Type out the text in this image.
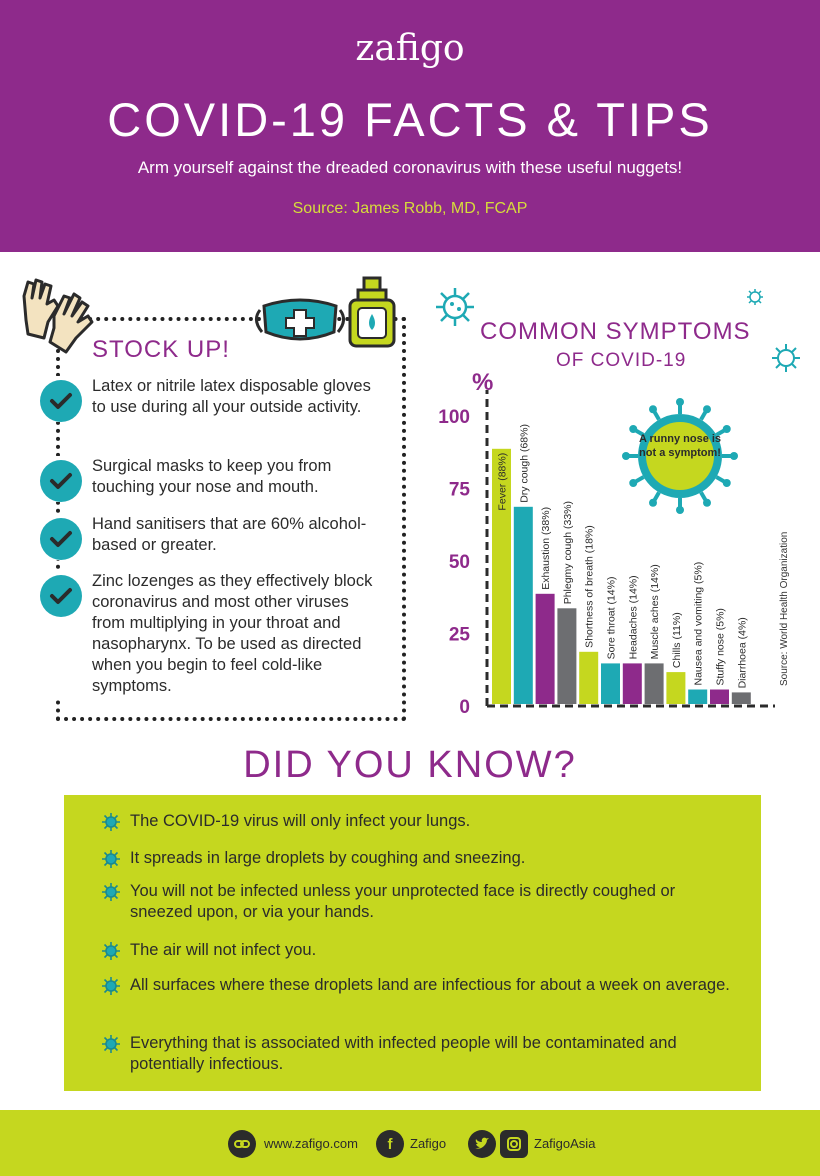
zafigo
COVID-19 FACTS & TIPS
Arm yourself against the dreaded coronavirus with these useful nuggets!
Source: James Robb, MD, FCAP
STOCK UP!
Latex or nitrile latex disposable gloves to use during all your outside activity.
Surgical masks to keep you from touching your nose and mouth.
Hand sanitisers that are 60% alcohol-based or greater.
Zinc lozenges as they effectively block coronavirus and most other viruses from multiplying in your throat and nasopharynx. To be used as directed when you begin to feel cold-like symptoms.
COMMON SYMPTOMS
OF COVID-19
%
0
25
50
75
100
Fever (88%) Dry cough (68%)
Exhaustion (38%) Phlegmy cough (33%) Shortness of breath (18%) Sore throat (14%) Headaches (14%) Muscle aches (14%) Chills (11%) Nausea and vomiting (5%) Stuffy nose (5%) Diarrhoea (4%)
A runny nose is not a symptom!
Source: World Health Organization
DID YOU KNOW?
The COVID-19 virus will only infect your lungs.
It spreads in large droplets by coughing and sneezing.
You will not be infected unless your unprotected face is directly coughed or sneezed upon, or via your hands.
The air will not infect you.
All surfaces where these droplets land are infectious for about a week on average.
Everything that is associated with infected people will be contaminated and potentially infectious.
www.zafigo.com	f	Zafigo	ZafigoAsia
